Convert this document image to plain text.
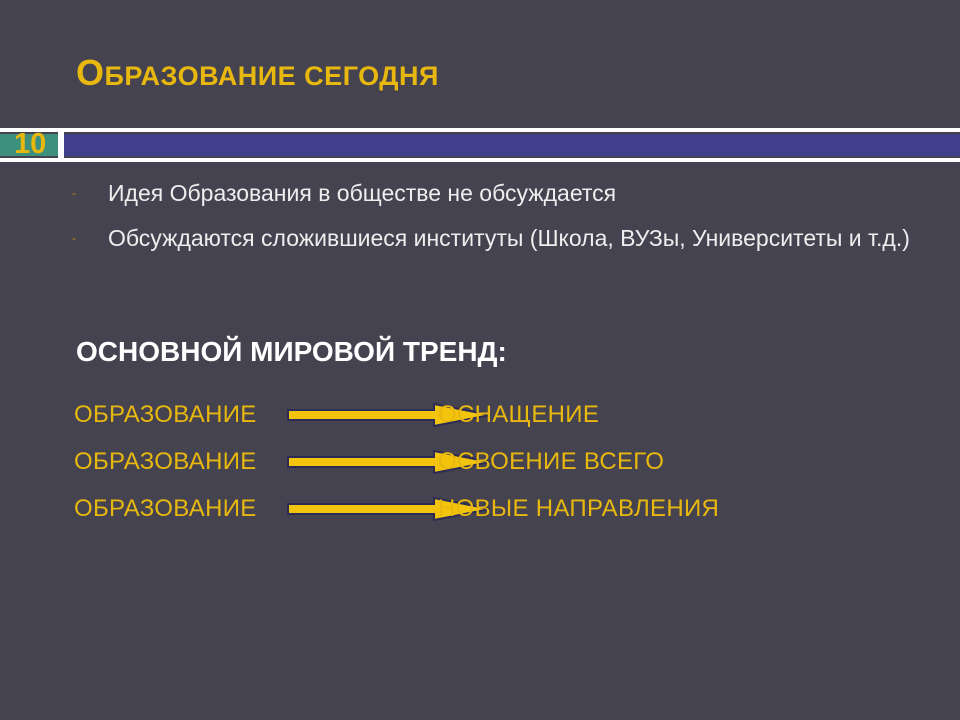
ОБРАЗОВАНИЕ СЕГОДНЯ
10
- Идея Образования в обществе не обсуждается
- Обсуждаются сложившиеся институты (Школа, ВУЗы, Университеты и т.д.)
ОСНОВНОЙ МИРОВОЙ ТРЕНД:
ОБРАЗОВАНИЕ	ОСНАЩЕНИЕ
ОБРАЗОВАНИЕ	ОСВОЕНИЕ ВСЕГО
ОБРАЗОВАНИЕ	НОВЫЕ НАПРАВЛЕНИЯ
